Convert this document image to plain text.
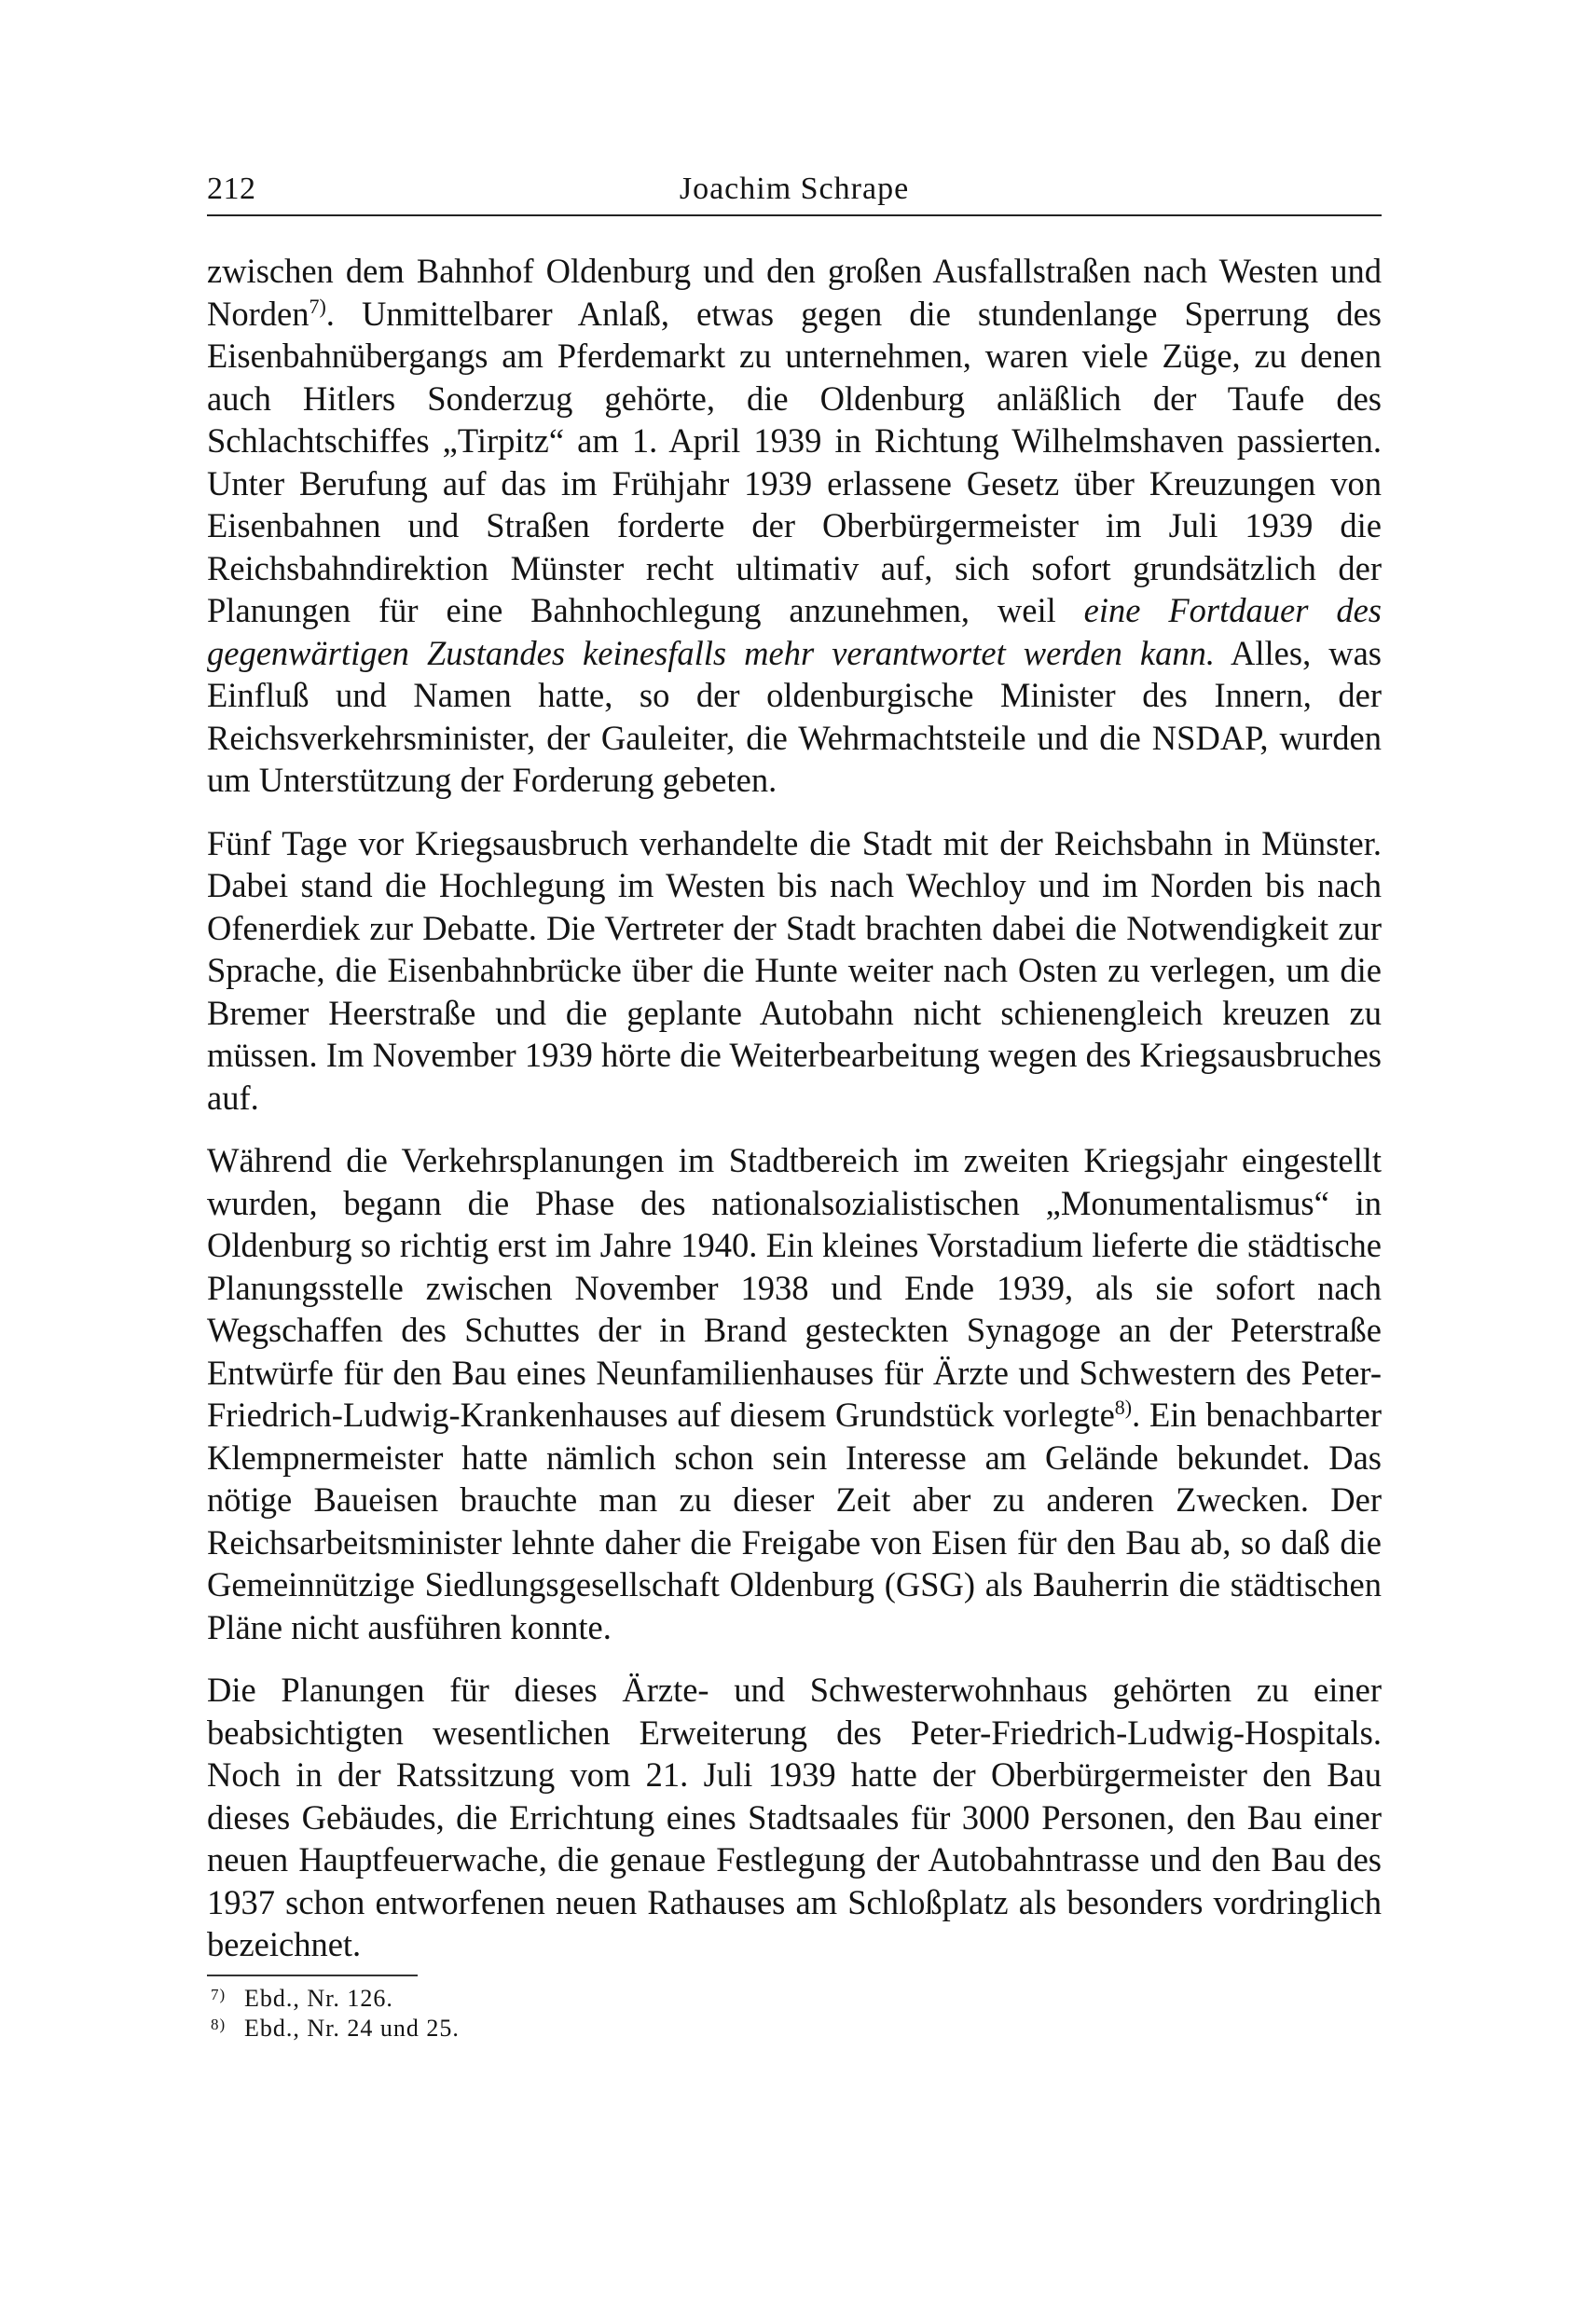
212	Joachim Schrape

zwischen dem Bahnhof Oldenburg und den großen Ausfallstraßen nach Westen und Norden$^{7)}$. Unmittelbarer Anlaß, etwas gegen die stundenlange Sperrung des Eisenbahnübergangs am Pferdemarkt zu unternehmen, waren viele Züge, zu denen auch Hitlers Sonderzug gehörte, die Oldenburg anläßlich der Taufe des Schlachtschiffes „Tirpitz“ am 1. April 1939 in Richtung Wilhelmshaven passierten. Unter Berufung auf das im Frühjahr 1939 erlassene Gesetz über Kreuzungen von Eisenbahnen und Straßen forderte der Oberbürgermeister im Juli 1939 die Reichsbahndirektion Münster recht ultimativ auf, sich sofort grundsätzlich der Planungen für eine Bahnhochlegung anzunehmen, weil eine Fortdauer des gegenwärtigen Zustandes keinesfalls mehr verantwortet werden kann. Alles, was Einfluß und Namen hatte, so der oldenburgische Minister des Innern, der Reichsverkehrsminister, der Gauleiter, die Wehrmachtsteile und die NSDAP, wurden um Unterstützung der Forderung gebeten.

Fünf Tage vor Kriegsausbruch verhandelte die Stadt mit der Reichsbahn in Münster. Dabei stand die Hochlegung im Westen bis nach Wechloy und im Norden bis nach Ofenerdiek zur Debatte. Die Vertreter der Stadt brachten dabei die Notwendigkeit zur Sprache, die Eisenbahnbrücke über die Hunte weiter nach Osten zu verlegen, um die Bremer Heerstraße und die geplante Autobahn nicht schienengleich kreuzen zu müssen. Im November 1939 hörte die Weiterbearbeitung wegen des Kriegsausbruches auf.

Während die Verkehrsplanungen im Stadtbereich im zweiten Kriegsjahr eingestellt wurden, begann die Phase des nationalsozialistischen „Monumentalismus“ in Oldenburg so richtig erst im Jahre 1940. Ein kleines Vorstadium lieferte die städtische Planungsstelle zwischen November 1938 und Ende 1939, als sie sofort nach Wegschaffen des Schuttes der in Brand gesteckten Synagoge an der Peterstraße Entwürfe für den Bau eines Neunfamilienhauses für Ärzte und Schwestern des Peter-Friedrich-Ludwig-Krankenhauses auf diesem Grundstück vorlegte$^{8)}$. Ein benachbarter Klempnermeister hatte nämlich schon sein Interesse am Gelände bekundet. Das nötige Baueisen brauchte man zu dieser Zeit aber zu anderen Zwecken. Der Reichsarbeitsminister lehnte daher die Freigabe von Eisen für den Bau ab, so daß die Gemeinnützige Siedlungsgesellschaft Oldenburg (GSG) als Bauherrin die städtischen Pläne nicht ausführen konnte.

Die Planungen für dieses Ärzte- und Schwesterwohnhaus gehörten zu einer beabsichtigten wesentlichen Erweiterung des Peter-Friedrich-Ludwig-Hospitals. Noch in der Ratssitzung vom 21. Juli 1939 hatte der Oberbürgermeister den Bau dieses Gebäudes, die Errichtung eines Stadtsaales für 3000 Personen, den Bau einer neuen Hauptfeuerwache, die genaue Festlegung der Autobahntrasse und den Bau des 1937 schon entworfenen neuen Rathauses am Schloßplatz als besonders vordringlich bezeichnet.

7) Ebd., Nr. 126.
8) Ebd., Nr. 24 und 25.
